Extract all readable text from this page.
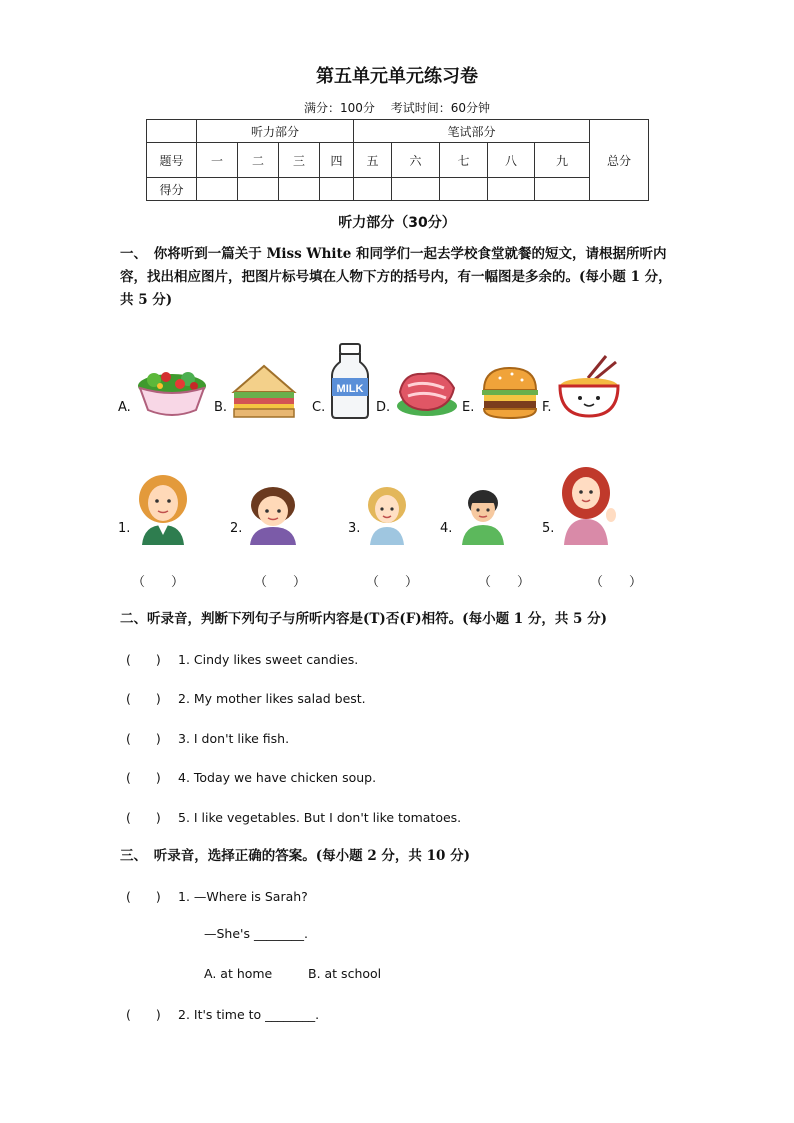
第五单元单元练习卷
满分：100分 考试时间：60分钟
	听力部分				笔试部分					总分
题号	一	二	三	四	五	六	七	八	九	
得分										
听力部分（30分）
一、　你将听到一篇关于 Miss White 和同学们一起去学校食堂就餐的短文，请根据所听内容，找出相应图片，把图片标号填在人物下方的括号内，有一幅图是多余的。(每小题 1 分，共 5 分)
A.	B.	C.
MILK
D.	E.	F.
1.	2.	3.	4.	5.
（　　）	（　　）	（　　）	（　　）	（　　）
二、听录音，判断下列句子与所听内容是(T)否(F)相符。(每小题 1 分，共 5 分)
(　　) 1. Cindy likes sweet candies.
(　　) 2. My mother likes salad best.
(　　) 3. I don't like fish.
(　　) 4. Today we have chicken soup.
(　　) 5. I like vegetables. But I don't like tomatoes.
三、　听录音，选择正确的答案。(每小题 2 分，共 10 分)
(　　) 1. —Where is Sarah?
—She's ________.
A. at home	B. at school
(　　) 2. It's time to ________.
